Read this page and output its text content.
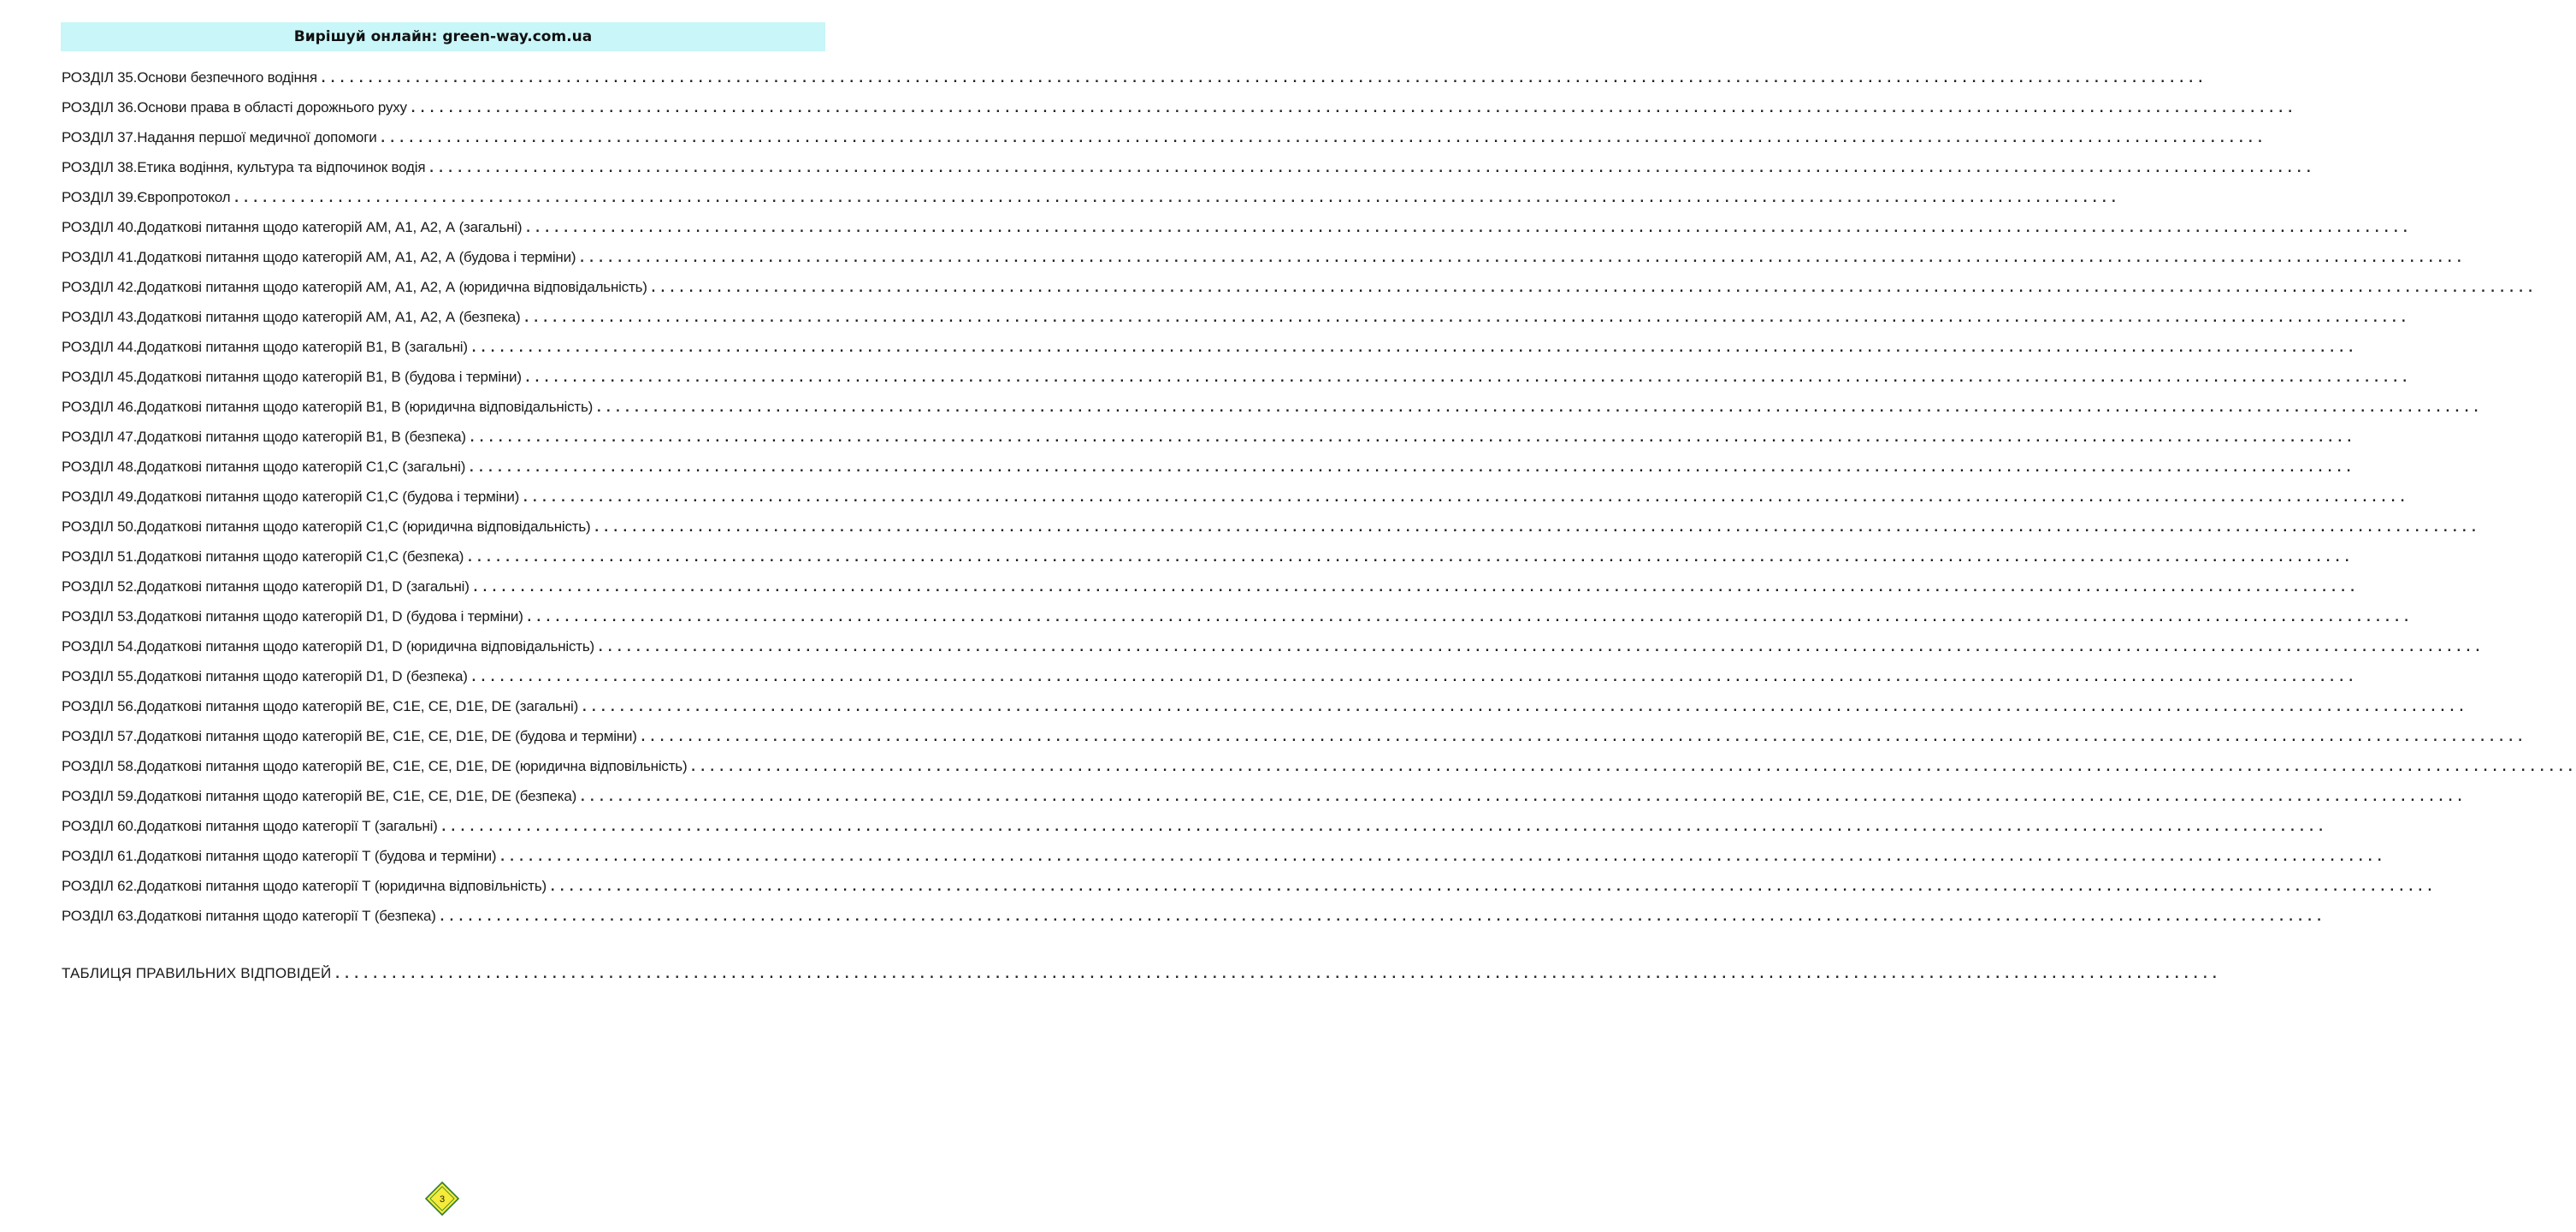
Вирішуй онлайн: green-way.com.ua
РОЗДІЛ 35. Основи безпечного водіння ........................................................................................................................................................................................................
РОЗДІЛ 36. Основи права в області дорожнього руху ........................................................................................................................................................................................................
РОЗДІЛ 37. Надання першої медичної допомоги ........................................................................................................................................................................................................
РОЗДІЛ 38. Етика водіння, культура та відпочинок водія ........................................................................................................................................................................................................
РОЗДІЛ 39. Європротокол ........................................................................................................................................................................................................
РОЗДІЛ 40. Додаткові питання щодо категорій АМ, А1, А2, А (загальні) ........................................................................................................................................................................................................
РОЗДІЛ 41. Додаткові питання щодо категорій АМ, А1, А2, А (будова і терміни) ........................................................................................................................................................................................................
РОЗДІЛ 42. Додаткові питання щодо категорій АМ, А1, А2, А (юридична відповідальність) ........................................................................................................................................................................................................
РОЗДІЛ 43. Додаткові питання щодо категорій АМ, А1, А2, А (безпека) ........................................................................................................................................................................................................
РОЗДІЛ 44. Додаткові питання щодо категорій В1, В (загальні) ........................................................................................................................................................................................................
РОЗДІЛ 45. Додаткові питання щодо категорій В1, В (будова і терміни) ........................................................................................................................................................................................................
РОЗДІЛ 46. Додаткові питання щодо категорій В1, В (юридична відповідальність) ........................................................................................................................................................................................................
РОЗДІЛ 47. Додаткові питання щодо категорій В1, В (безпека) ........................................................................................................................................................................................................
РОЗДІЛ 48. Додаткові питання щодо категорій С1,С (загальні) ........................................................................................................................................................................................................
РОЗДІЛ 49. Додаткові питання щодо категорій С1,С (будова і терміни) ........................................................................................................................................................................................................
РОЗДІЛ 50. Додаткові питання щодо категорій С1,С (юридична відповідальність) ........................................................................................................................................................................................................
РОЗДІЛ 51. Додаткові питання щодо категорій С1,С (безпека) ........................................................................................................................................................................................................
РОЗДІЛ 52. Додаткові питання щодо категорій D1, D (загальні) ........................................................................................................................................................................................................
РОЗДІЛ 53. Додаткові питання щодо категорій D1, D (будова і терміни) ........................................................................................................................................................................................................
РОЗДІЛ 54. Додаткові питання щодо категорій D1, D (юридична відповідальність) ........................................................................................................................................................................................................
РОЗДІЛ 55. Додаткові питання щодо категорій D1, D (безпека) ........................................................................................................................................................................................................
РОЗДІЛ 56. Додаткові питання щодо категорій ВЕ, С1Е, СЕ, D1Е, DЕ (загальні) ........................................................................................................................................................................................................
РОЗДІЛ 57. Додаткові питання щодо категорій ВЕ, С1Е, СЕ, D1Е, DЕ (будова и терміни) ........................................................................................................................................................................................................
РОЗДІЛ 58. Додаткові питання щодо категорій ВЕ, С1Е, СЕ, D1Е, DЕ (юридична відповільність) ........................................................................................................................................................................................................
РОЗДІЛ 59. Додаткові питання щодо категорій ВЕ, С1Е, СЕ, D1Е, DЕ (безпека) ........................................................................................................................................................................................................
РОЗДІЛ 60. Додаткові питання щодо категорії Т (загальні) ........................................................................................................................................................................................................
РОЗДІЛ 61. Додаткові питання щодо категорії Т (будова и терміни) ........................................................................................................................................................................................................
РОЗДІЛ 62. Додаткові питання щодо категорії Т (юридична відповільність) ........................................................................................................................................................................................................
РОЗДІЛ 63. Додаткові питання щодо категорії Т (безпека) ........................................................................................................................................................................................................
ТАБЛИЦЯ ПРАВИЛЬНИХ ВІДПОВІДЕЙ ........................................................................................................................................................................................................
3
